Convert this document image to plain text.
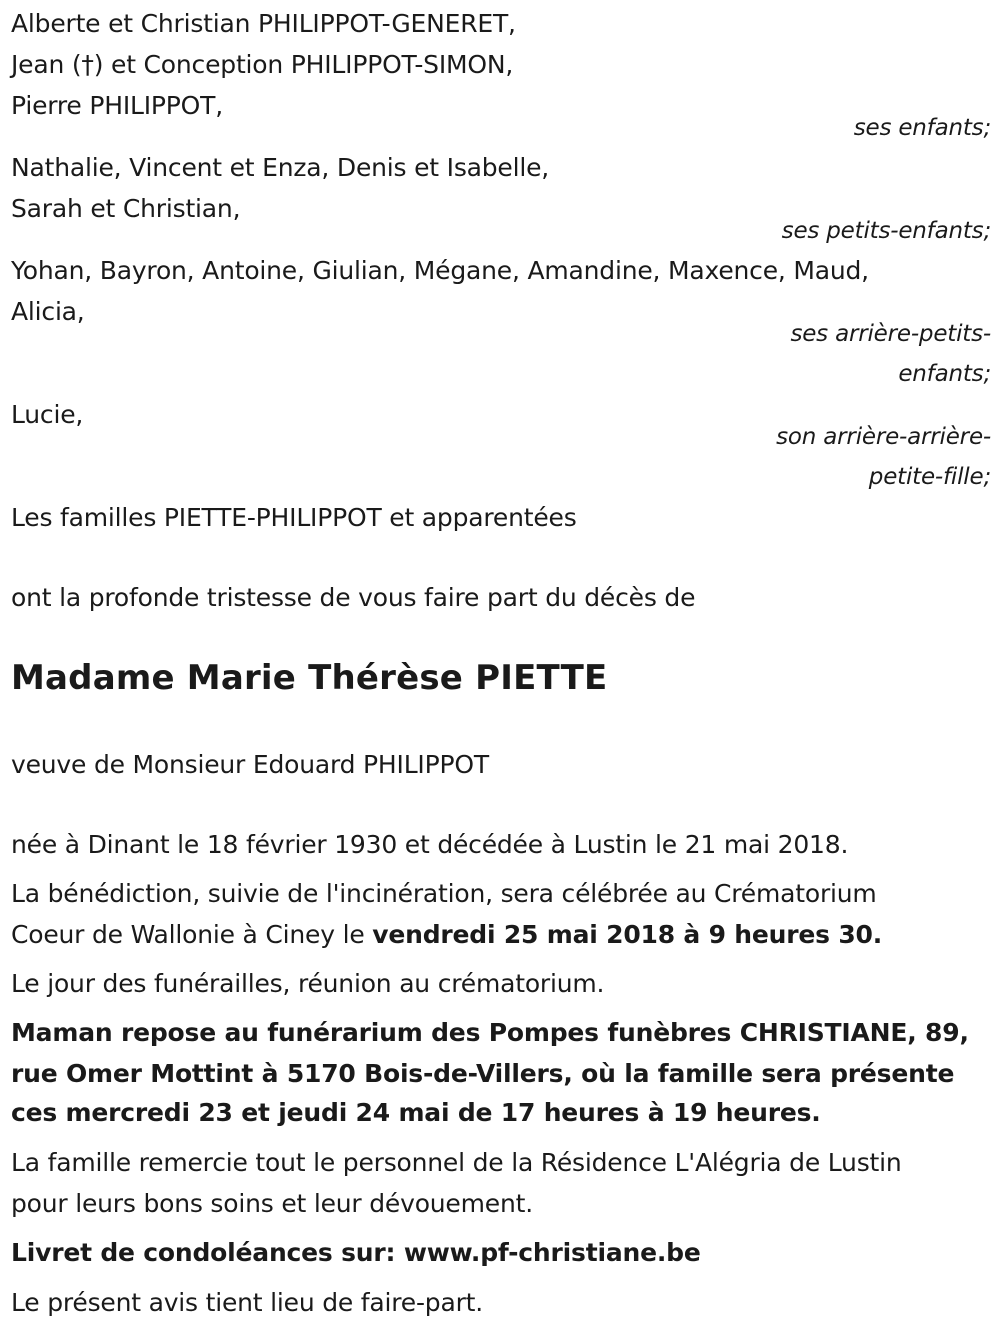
Alberte et Christian PHILIPPOT-GENERET,

Jean (†) et Conception PHILIPPOT-SIMON,

Pierre PHILIPPOT,

ses enfants;

Nathalie, Vincent et Enza, Denis et Isabelle,

Sarah et Christian,

ses petits-enfants;

Yohan, Bayron, Antoine, Giulian, Mégane, Amandine, Maxence, Maud,

Alicia,

ses arrière-petits-

enfants;

Lucie,

son arrière-arrière-

petite-fille;

Les familles PIETTE-PHILIPPOT et apparentées

ont la profonde tristesse de vous faire part du décès de

Madame Marie Thérèse PIETTE

veuve de Monsieur Edouard PHILIPPOT

née à Dinant le 18 février 1930 et décédée à Lustin le 21 mai 2018.

La bénédiction, suivie de l'incinération, sera célébrée au Crématorium

Coeur de Wallonie à Ciney le vendredi 25 mai 2018 à 9 heures 30.

Le jour des funérailles, réunion au crématorium.

Maman repose au funérarium des Pompes funèbres CHRISTIANE, 89,

rue Omer Mottint à 5170 Bois-de-Villers, où la famille sera présente

ces mercredi 23 et jeudi 24 mai de 17 heures à 19 heures.

La famille remercie tout le personnel de la Résidence L'Alégria de Lustin

pour leurs bons soins et leur dévouement.

Livret de condoléances sur: www.pf-christiane.be

Le présent avis tient lieu de faire-part.
